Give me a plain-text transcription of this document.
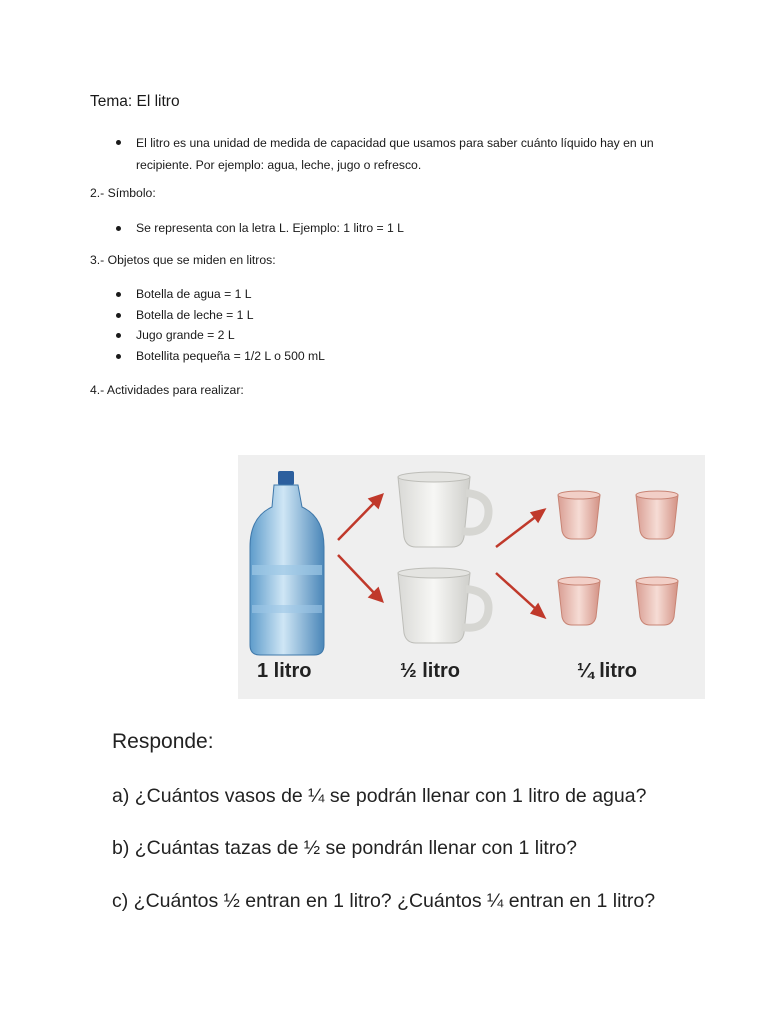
Tema: El litro
El litro es una unidad de medida de capacidad que usamos para saber cuánto líquido hay en un recipiente. Por ejemplo: agua, leche, jugo o refresco.
2.- Símbolo:
Se representa con la letra L. Ejemplo: 1 litro = 1 L
3.- Objetos que se miden en litros:
Botella de agua = 1 L
Botella de leche = 1 L
Jugo grande = 2 L
Botellita pequeña = 1/2 L o 500 mL
4.- Actividades para realizar:
1 litro	½ litro	¼ litro
Responde:
a) ¿Cuántos vasos de ¼ se podrán llenar con 1 litro de agua?
b) ¿Cuántas tazas de ½ se pondrán llenar con 1 litro?
c) ¿Cuántos ½ entran en 1 litro? ¿Cuántos ¼ entran en 1 litro?
